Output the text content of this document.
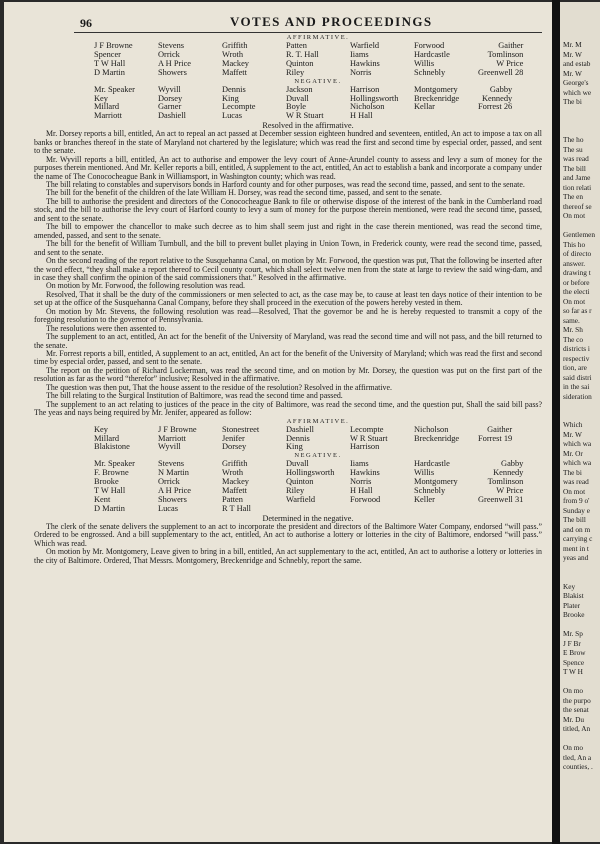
96	VOTES AND PROCEEDINGS
AFFIRMATIVE.
J F Browne	Stevens	Griffith	Patten	Warfield	Forwood	Gaither
Spencer	Orrick	Wroth	R. T. Hall	Iiams	Hardcastle	Tomlinson
T W Hall	A H Price	Mackey	Quinton	Hawkins	Willis	W Price
D Martin	Showers	Maffett	Riley	Norris	Schnebly	Greenwell 28
NEGATIVE.
Mr. Speaker	Wyvill	Dennis	Jackson	Harrison	Montgomery	Gabby
Key	Dorsey	King	Duvall	Hollingsworth	Breckenridge	Kennedy
Millard	Garner	Lecompte	Boyle	Nicholson	Kellar	Forrest 26
Marriott	Dashiell	Lucas	W R Stuart	H Hall		
Resolved in the affirmative.

Mr. Dorsey reports a bill, entitled, An act to repeal an act passed at December session eighteen hundred and seventeen, entitled, An act to impose a tax on all banks or branches thereof in the state of Maryland not chartered by the legislature; which was read the first and second time by especial order, passed, and sent to the senate.

Mr. Wyvill reports a bill, entitled, An act to authorise and empower the levy court of Anne-Arundel county to assess and levy a sum of money for the purposes therein mentioned. And Mr. Keller reports a bill, entitled, A supplement to the act, entitled, An act to establish a bank and incorporate a company under the name of The Conococheague Bank in Williamsport, in Washington county; which was read.

The bill relating to constables and supervisors bonds in Harford county and for other purposes, was read the second time, passed, and sent to the senate.

The bill for the benefit of the children of the late William H. Dorsey, was read the second time, passed, and sent to the senate.

The bill to authorise the president and directors of the Conococheague Bank to file or otherwise dispose of the interest of the bank in the Cumberland road stock, and the bill to authorise the levy court of Harford county to levy a sum of money for the purpose therein mentioned, were read the second time, passed, and sent to the senate.

The bill to empower the chancellor to make such decree as to him shall seem just and right in the case therein mentioned, was read the second time, amended, passed, and sent to the senate.

The bill for the benefit of William Turnbull, and the bill to prevent bullet playing in Union Town, in Frederick county, were read the second time, passed, and sent to the senate.

On the second reading of the report relative to the Susquehanna Canal, on motion by Mr. Forwood, the question was put, That the following be inserted after the word effect, “they shall make a report thereof to Cecil county court, which shall select twelve men from the state at large to review the said wing-dam, and in case they shall confirm the opinion of the said commissioners that.” Resolved in the affirmative.

On motion by Mr. Forwood, the following resolution was read.

Resolved, That it shall be the duty of the commissioners or men selected to act, as the case may be, to cause at least ten days notice of their intention to be set up at the office of the Susquehanna Canal Company, before they shall proceed in the execution of the powers hereby vested in them.

On motion by Mr. Stevens, the following resolution was read—Resolved, That the governor be and he is hereby requested to transmit a copy of the foregoing resolution to the governor of Pennsylvania.

The resolutions were then assented to.

The supplement to an act, entitled, An act for the benefit of the University of Maryland, was read the second time and will not pass, and the bill returned to the senate.

Mr. Forrest reports a bill, entitled, A supplement to an act, entitled, An act for the benefit of the University of Maryland; which was read the first and second time by especial order, passed, and sent to the senate.

The report on the petition of Richard Lockerman, was read the second time, and on motion by Mr. Dorsey, the question was put on the first part of the resolution as far as the word “therefor” inclusive; Resolved in the affirmative.

The question was then put, That the house assent to the residue of the resolution? Resolved in the affirmative.

The bill relating to the Surgical Institution of Baltimore, was read the second time and passed.

The supplement to an act relating to justices of the peace in the city of Baltimore, was read the second time, and the question put, Shall the said bill pass? The yeas and nays being required by Mr. Jenifer, appeared as follow:

AFFIRMATIVE.
Key	J F Browne	Stonestreet	Dashiell	Lecompte	Nicholson	Gaither
Millard	Marriott	Jenifer	Dennis	W R Stuart	Breckenridge	Forrest 19
Blakistone	Wyvill	Dorsey	King	Harrison		
NEGATIVE.
Mr. Speaker	Stevens	Griffith	Duvall	Iiams	Hardcastle	Gabby
F. Browne	N Martin	Wroth	Hollingsworth	Hawkins	Willis	Kennedy
Brooke	Orrick	Mackey	Quinton	Norris	Montgomery	Tomlinson
T W Hall	A H Price	Maffett	Riley	H Hall	Schnebly	W Price
Kent	Showers	Patten	Warfield	Forwood	Keller	Greenwell 31
D Martin	Lucas	R T Hall				
Determined in the negative.

The clerk of the senate delivers the supplement to an act to incorporate the president and directors of the Baltimore Water Company, endorsed “will pass.” Ordered to be engrossed. And a bill supplementary to the act, entitled, An act to authorise a lottery or lotteries in the city of Baltimore, endorsed “will pass.” Which was read.

On motion by Mr. Montgomery, Leave given to bring in a bill, entitled, An act supplementary to the act, entitled, An act to authorise a lottery or lotteries in the city of Baltimore. Ordered, That Messrs. Montgomery, Breckenridge and Schnebly, report the same.

Mr. M
Mr. W
and estab
Mr. W
George's
which we
The bi
The ho
The su
was read
The bill
and Jame
tion relati
The en
thereof se
On mot
Gentlemen
This ho
of directo
answer.
drawing t
or before
the electi
On mot
so far as r
same.
Mr. Sh
The co
districts i
respectiv
tion, are
said distri
in the sai
sideration
Which
Mr. W
which wa
Mr. Or
which wa
The bi
was read
On mot
from 9 o'
Sunday e
The bill
and on m
carrying c
ment in t
yeas and
Key
Blakist
Plater
Brooke
Mr. Sp
J F Br
E Brow
Spence
T W H
On mo
the purpo
the senat
Mr. Du
titled, An
On mo
tled, An a
counties, .
